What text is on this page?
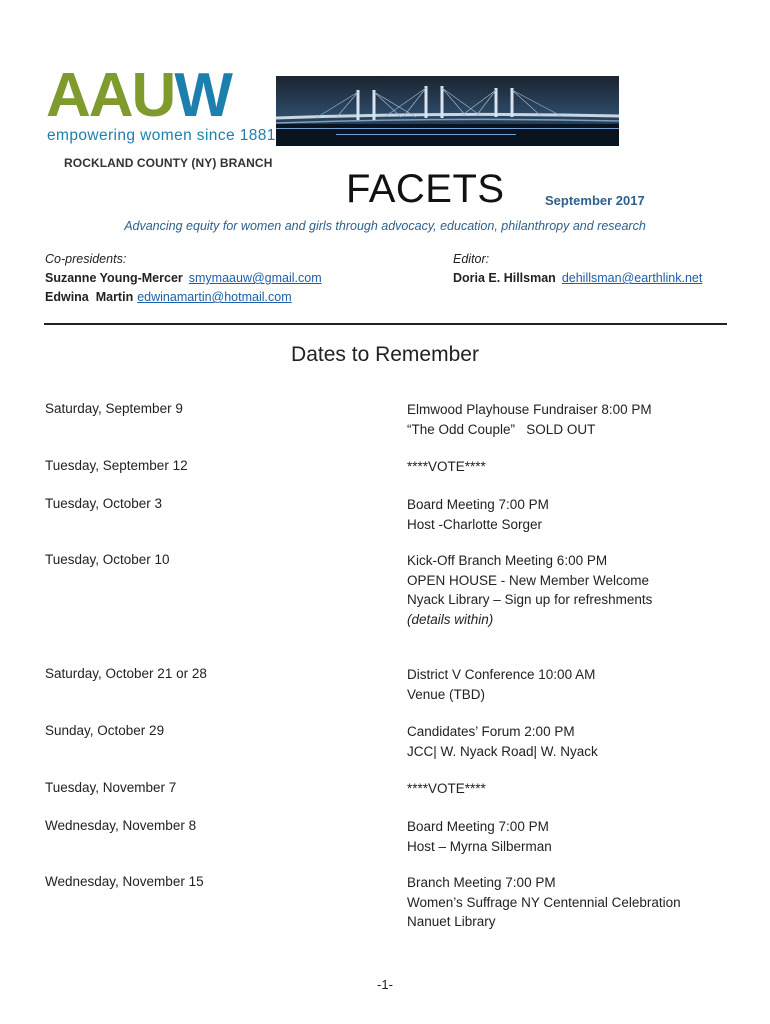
AAUW
empowering women since 1881
ROCKLAND COUNTY (NY) BRANCH
FACETS	September 2017
Advancing equity for women and girls through advocacy, education, philanthropy and research
Co-presidents:
Suzanne Young-Mercer smymaauw@gmail.com
Edwina  Martin edwinamartin@hotmail.com
Editor:
Doria E. Hillsman dehillsman@earthlink.net
Dates to Remember
Saturday, September 9	Elmwood Playhouse Fundraiser 8:00 PM
“The Odd Couple”   SOLD OUT
Tuesday, September 12	****VOTE****
Tuesday, October 3	Board Meeting 7:00 PM
Host -Charlotte Sorger
Tuesday, October 10	Kick-Off Branch Meeting 6:00 PM
OPEN HOUSE - New Member Welcome
Nyack Library – Sign up for refreshments
(details within)
Saturday, October 21 or 28	District V Conference 10:00 AM
Venue (TBD)
Sunday, October 29	Candidates’ Forum 2:00 PM
JCC| W. Nyack Road| W. Nyack
Tuesday, November 7	****VOTE****
Wednesday, November 8	Board Meeting 7:00 PM
Host – Myrna Silberman
Wednesday, November 15	Branch Meeting 7:00 PM
Women’s Suffrage NY Centennial Celebration
Nanuet Library
-1-
